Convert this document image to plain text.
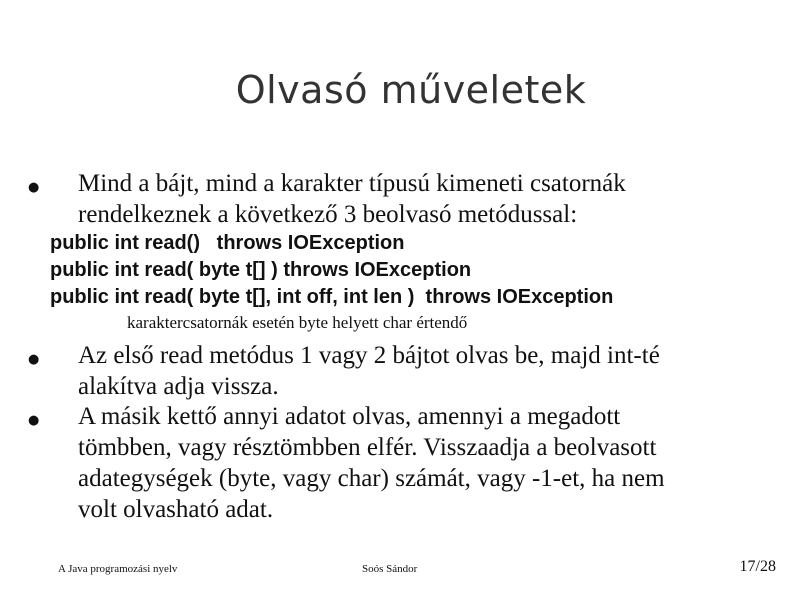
Olvasó műveletek
● Mind a bájt, mind a karakter típusú kimeneti csatornák
rendelkeznek a következő 3 beolvasó metódussal:
public int read()   throws IOException
public int read( byte t[] ) throws IOException
public int read( byte t[], int off, int len )  throws IOException
karaktercsatornák esetén byte helyett char értendő
● Az első read metódus 1 vagy 2 bájtot olvas be, majd int-té
alakítva adja vissza.
● A másik kettő annyi adatot olvas, amennyi a megadott
tömbben, vagy résztömbben elfér. Visszaadja a beolvasott
adategységek (byte, vagy char) számát, vagy -1-et, ha nem
volt olvasható adat.
A Java programozási nyelv	Soós Sándor	17/28
